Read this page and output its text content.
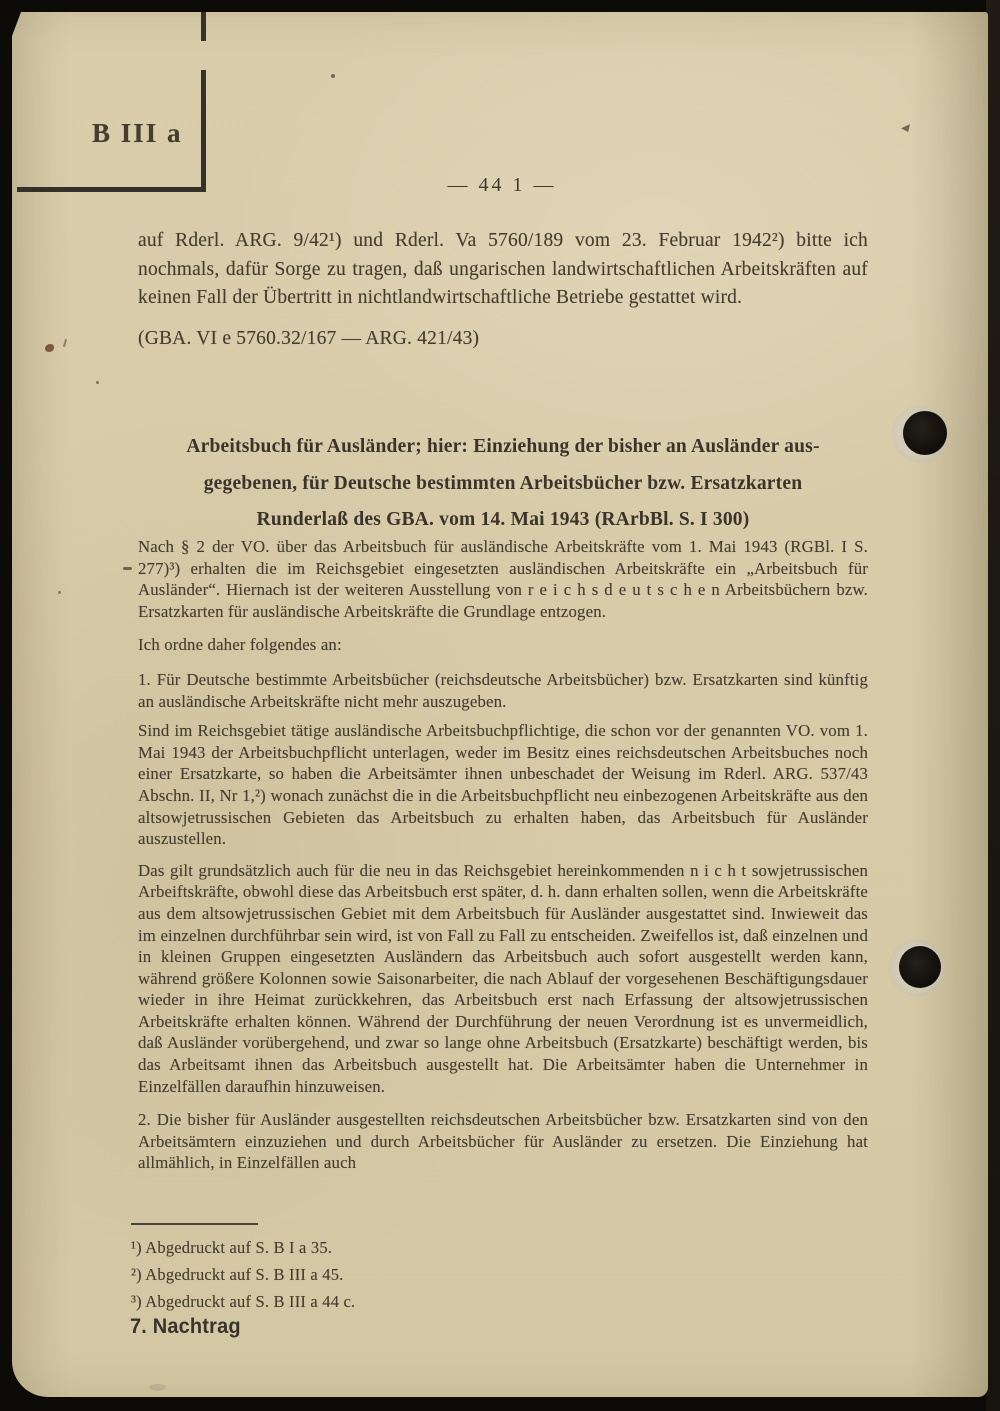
B III a
— 44 1 —

auf Rderl. ARG. 9/42¹) und Rderl. Va 5760/189 vom 23. Februar 1942²) bitte ich nochmals, dafür Sorge zu tragen, daß ungarischen landwirtschaftlichen Arbeitskräften auf keinen Fall der Übertritt in nichtlandwirtschaftliche Betriebe gestattet wird.

(GBA. VI e 5760.32/167 — ARG. 421/43)

Arbeitsbuch für Ausländer; hier: Einziehung der bisher an Ausländer aus-
gegebenen, für Deutsche bestimmten Arbeitsbücher bzw. Ersatzkarten
Runderlaß des GBA. vom 14. Mai 1943 (RArbBl. S. I 300)

Nach § 2 der VO. über das Arbeitsbuch für ausländische Arbeitskräfte vom 1. Mai 1943 (RGBl. I S. 277)³) erhalten die im Reichsgebiet eingesetzten ausländischen Arbeitskräfte ein „Arbeitsbuch für Ausländer“. Hiernach ist der weiteren Ausstellung von r e i c h s d e u t s c h e n Arbeitsbüchern bzw. Ersatzkarten für ausländische Arbeitskräfte die Grundlage entzogen.

Ich ordne daher folgendes an:

1. Für Deutsche bestimmte Arbeitsbücher (reichsdeutsche Arbeitsbücher) bzw. Ersatzkarten sind künftig an ausländische Arbeitskräfte nicht mehr auszugeben.

Sind im Reichsgebiet tätige ausländische Arbeitsbuchpflichtige, die schon vor der genannten VO. vom 1. Mai 1943 der Arbeitsbuchpflicht unterlagen, weder im Besitz eines reichsdeutschen Arbeitsbuches noch einer Ersatzkarte, so haben die Arbeitsämter ihnen unbeschadet der Weisung im Rderl. ARG. 537/43 Abschn. II, Nr 1,²) wonach zunächst die in die Arbeitsbuchpflicht neu einbezogenen Arbeitskräfte aus den altsowjetrussischen Gebieten das Arbeitsbuch zu erhalten haben, das Arbeitsbuch für Ausländer auszustellen.

Das gilt grundsätzlich auch für die neu in das Reichsgebiet hereinkommenden n i c h t sowjetrussischen Arbeiftskräfte, obwohl diese das Arbeitsbuch erst später, d. h. dann erhalten sollen, wenn die Arbeitskräfte aus dem altsowjetrussischen Gebiet mit dem Arbeitsbuch für Ausländer ausgestattet sind. Inwieweit das im einzelnen durchführbar sein wird, ist von Fall zu Fall zu entscheiden. Zweifellos ist, daß einzelnen und in kleinen Gruppen eingesetzten Ausländern das Arbeitsbuch auch sofort ausgestellt werden kann, während größere Kolonnen sowie Saisonarbeiter, die nach Ablauf der vorgesehenen Beschäftigungsdauer wieder in ihre Heimat zurückkehren, das Arbeitsbuch erst nach Erfassung der altsowjetrussischen Arbeitskräfte erhalten können. Während der Durchführung der neuen Verordnung ist es unvermeidlich, daß Ausländer vorübergehend, und zwar so lange ohne Arbeitsbuch (Ersatzkarte) beschäftigt werden, bis das Arbeitsamt ihnen das Arbeitsbuch ausgestellt hat. Die Arbeitsämter haben die Unternehmer in Einzelfällen daraufhin hinzuweisen.

2. Die bisher für Ausländer ausgestellten reichsdeutschen Arbeitsbücher bzw. Ersatzkarten sind von den Arbeitsämtern einzuziehen und durch Arbeitsbücher für Ausländer zu ersetzen. Die Einziehung hat allmählich, in Einzelfällen auch

¹) Abgedruckt auf S. B I a 35.
²) Abgedruckt auf S. B III a 45.
³) Abgedruckt auf S. B III a 44 c.
7. Nachtrag
